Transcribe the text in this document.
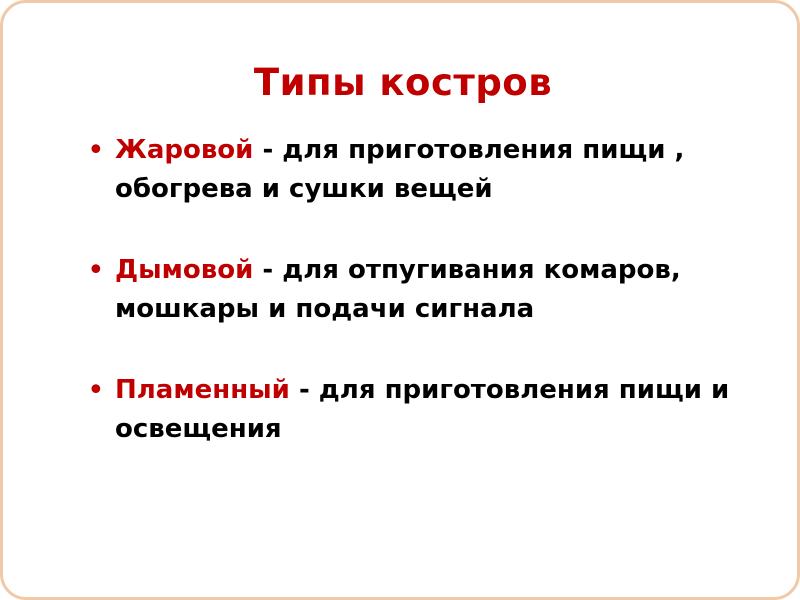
Типы костров
• Жаровой - для приготовления пищи , обогрева и сушки вещей
• Дымовой - для отпугивания комаров, мошкары и подачи сигнала
• Пламенный - для приготовления пищи и освещения
